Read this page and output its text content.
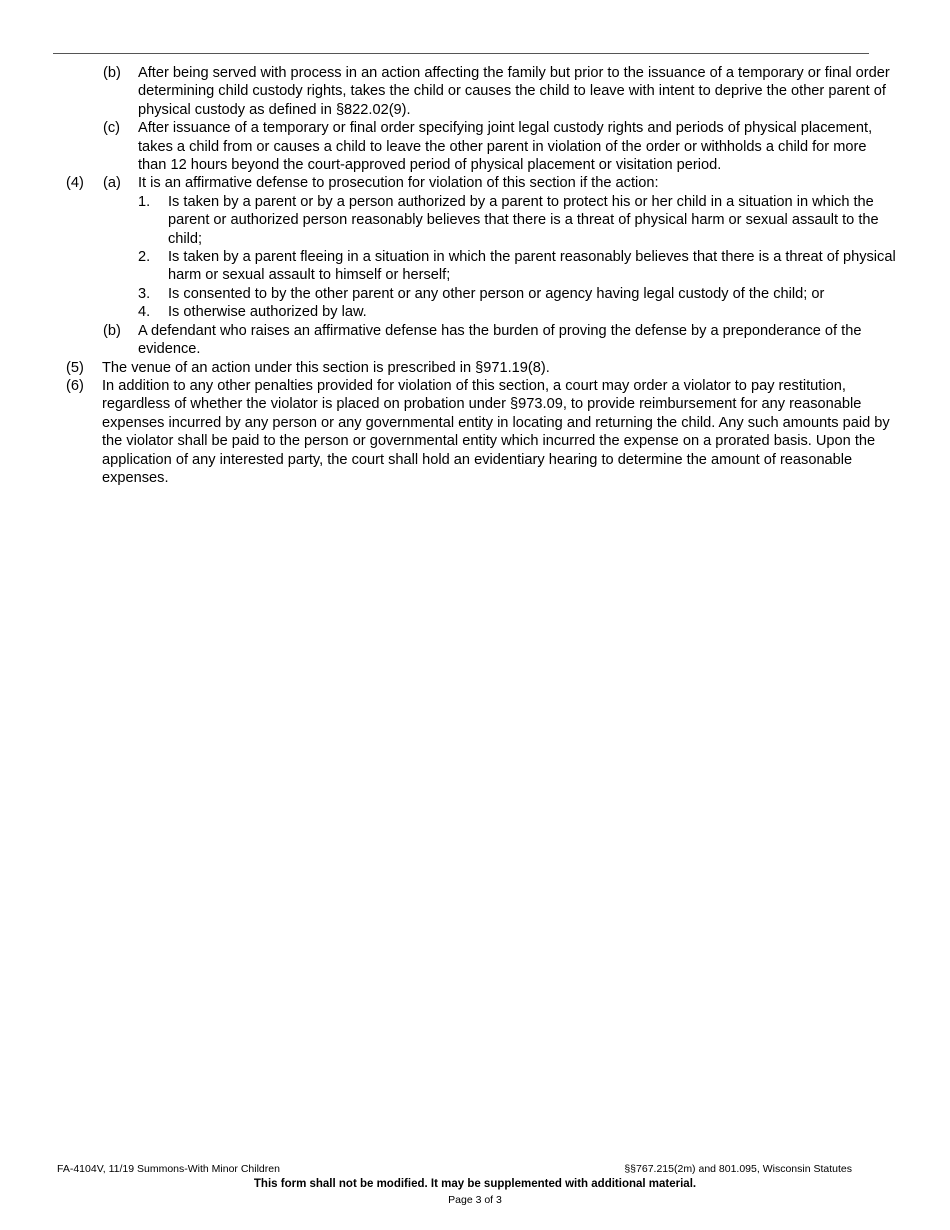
(b) After being served with process in an action affecting the family but prior to the issuance of a temporary or final order determining child custody rights, takes the child or causes the child to leave with intent to deprive the other parent of physical custody as defined in §822.02(9).
(c) After issuance of a temporary or final order specifying joint legal custody rights and periods of physical placement, takes a child from or causes a child to leave the other parent in violation of the order or withholds a child for more than 12 hours beyond the court-approved period of physical placement or visitation period.
(4) (a) It is an affirmative defense to prosecution for violation of this section if the action:
1. Is taken by a parent or by a person authorized by a parent to protect his or her child in a situation in which the parent or authorized person reasonably believes that there is a threat of physical harm or sexual assault to the child;
2. Is taken by a parent fleeing in a situation in which the parent reasonably believes that there is a threat of physical harm or sexual assault to himself or herself;
3. Is consented to by the other parent or any other person or agency having legal custody of the child; or
4. Is otherwise authorized by law.
(b) A defendant who raises an affirmative defense has the burden of proving the defense by a preponderance of the evidence.
(5) The venue of an action under this section is prescribed in §971.19(8).
(6) In addition to any other penalties provided for violation of this section, a court may order a violator to pay restitution, regardless of whether the violator is placed on probation under §973.09, to provide reimbursement for any reasonable expenses incurred by any person or any governmental entity in locating and returning the child. Any such amounts paid by the violator shall be paid to the person or governmental entity which incurred the expense on a prorated basis. Upon the application of any interested party, the court shall hold an evidentiary hearing to determine the amount of reasonable expenses.
FA-4104V, 11/19 Summons-With Minor Children	§§767.215(2m) and 801.095, Wisconsin Statutes
This form shall not be modified. It may be supplemented with additional material.
Page 3 of 3
